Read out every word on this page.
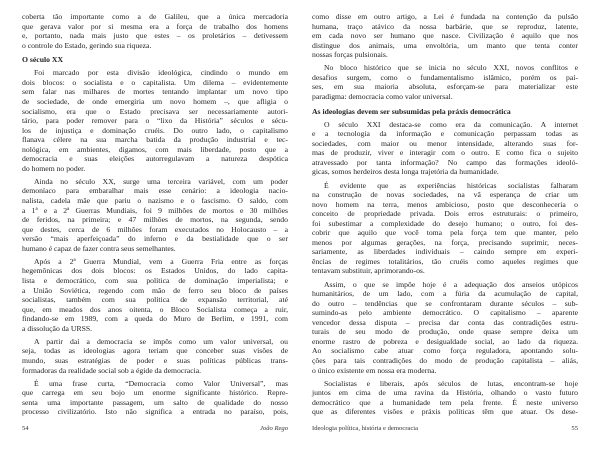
coberta tão importante como a de Galileu, que a única mercadoria
que gerava valor por si mesma era a força de trabalho dos homens
e, portanto, nada mais justo que estes – os proletários – detivessem
o controle do Estado, gerindo sua riqueza.
O século XX
Foi marcado por esta divisão ideológica, cindindo o mundo em
dois blocos: o socialista e o capitalista. Um dilema – evidentemente
sem falar nas milhares de mortes tentando implantar um novo tipo
de sociedade, de onde emergiria um novo homem –, que afligia o
socialismo, era que o Estado precisava ser necessariamente autori-
tário, para poder remover para o “lixo da História” séculos e sécu-
los de injustiça e dominação cruéis. Do outro lado, o capitalismo
flanava célere na sua marcha batida da produção industrial e tec-
nológica, em ambientes, digamos, com mais liberdade, posto que a
democracia e suas eleições autorregulavam a natureza despótica
do homem no poder.
Ainda no século XX, surge uma terceira variável, com um poder
demoníaco para embaralhar mais esse cenário: a ideologia nacio-
nalista, cadela mãe que pariu o nazismo e o fascismo. O saldo, com
a 1ª e a 2ª Guerras Mundiais, foi 9 milhões de mortos e 30 milhões
de feridos, na primeira; e 47 milhões de mortos, na segunda, sendo
que destes, cerca de 6 milhões foram executados no Holocausto – a
versão “mais aperfeiçoada” do inferno e da bestialidade que o ser
humano é capaz de fazer contra seus semelhantes.
Após a 2ª Guerra Mundial, vem a Guerra Fria entre as forças
hegemônicas dos dois blocos: os Estados Unidos, do lado capita-
lista e democrático, com sua política de dominação imperialista; e
a União Soviética, regendo com mão de ferro seu bloco de países
socialistas, também com sua política de expansão territorial, até
que, em meados dos anos oitenta, o Bloco Socialista começa a ruir,
findando-se em 1989, com a queda do Muro de Berlim, e 1991, com
a dissolução da URSS.
A partir daí a democracia se impôs como um valor universal, ou
seja, todas as ideologias agora teriam que conceber suas visões de
mundo, suas estratégias de poder e suas políticas públicas trans-
formadoras da realidade social sob a égide da democracia.
É uma frase curta, “Democracia como Valor Universal”, mas
que carrega em seu bojo um enorme significante histórico. Repre-
senta uma importante passagem, um salto de qualidade do nosso
processo civilizatório. Isto não significa a entrada no paraíso, pois,
como disse em outro artigo, a Lei é fundada na contenção da pulsão
humana, traço atávico da nossa barbárie, que se reproduz, latente,
em cada novo ser humano que nasce. Civilização é aquilo que nos
distingue dos animais, uma envoltória, um manto que tenta conter
nossas forças pulsionais.
No bloco histórico que se inicia no século XXI, novos conflitos e
desafios surgem, como o fundamentalismo islâmico, porém os paí-
ses, em sua maioria absoluta, esforçam-se para materializar este
paradigma: democracia como valor universal.
As ideologias devem ser subsumidas pela práxis democrática
O século XXI destaca-se como era da comunicação. A internet
e a tecnologia da informação e comunicação perpassam todas as
sociedades, com maior ou menor intensidade, alterando suas for-
mas de produzir, viver e interagir com o outro. E como fica o sujeito
atravessado por tanta informação? No campo das formações ideoló-
gicas, somos herdeiros desta longa trajetória da humanidade.
É evidente que as experiências históricas socialistas falharam
na construção de novas sociedades, na vã esperança de criar um
novo homem na terra, menos ambicioso, posto que desconheceria o
conceito de propriedade privada. Dois erros estruturais: o primeiro,
foi subestimar a complexidade do desejo humano; o outro, foi des-
cobrir que aquilo que você toma pela força tem que manter, pelo
menos por algumas gerações, na força, precisando suprimir, neces-
sariamente, as liberdades individuais – caindo sempre em experi-
ências de regimes totalitários, tão cruéis como aqueles regimes que
tentavam substituir, aprimorando-os.
Assim, o que se impõe hoje é a adequação dos anseios utópicos
humanitários, de um lado, com a fúria da acumulação de capital,
do outro – tendências que se confrontaram durante séculos – sub-
sumindo-as pelo ambiente democrático. O capitalismo – aparente
vencedor dessa disputa – precisa dar conta das contradições estru-
turais de seu modo de produção, onde quase sempre deixa um
enorme rastro de pobreza e desigualdade social, ao lado da riqueza.
Ao socialismo cabe atuar como força reguladora, apontando solu-
ções para tais contradições do modo de produção capitalista – aliás,
o único existente em nossa era moderna.
Socialistas e liberais, após séculos de lutas, encontram-se hoje
juntos em cima de uma ravina da História, olhando o vasto futuro
democrático que a humanidade tem pela frente. É neste universo
que as diferentes visões e práxis políticas têm que atuar. Os dese-
54	João Rego	Ideologia política, história e democracia	55
